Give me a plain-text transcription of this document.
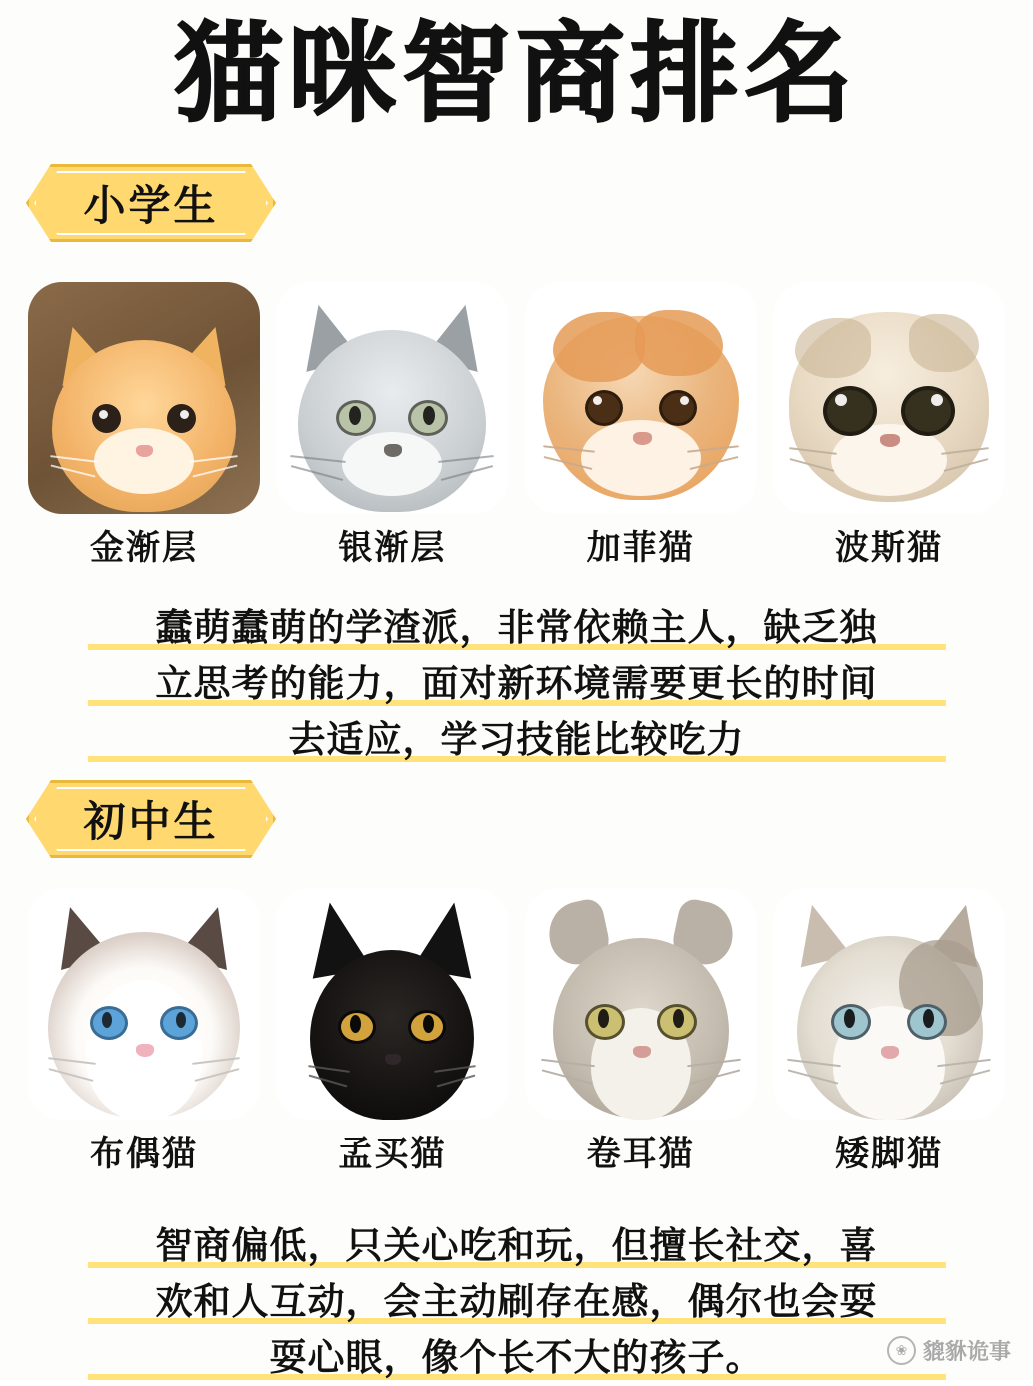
猫咪智商排名
小学生
金渐层	银渐层	加菲猫	波斯猫
蠢萌蠢萌的学渣派，非常依赖主人，缺乏独
立思考的能力，面对新环境需要更长的时间
去适应，学习技能比较吃力
初中生
布偶猫	孟买猫	卷耳猫	矮脚猫
智商偏低，只关心吃和玩，但擅长社交，喜
欢和人互动，会主动刷存在感，偶尔也会耍
耍心眼，像个长不大的孩子。	❀ 貔貅诡事
